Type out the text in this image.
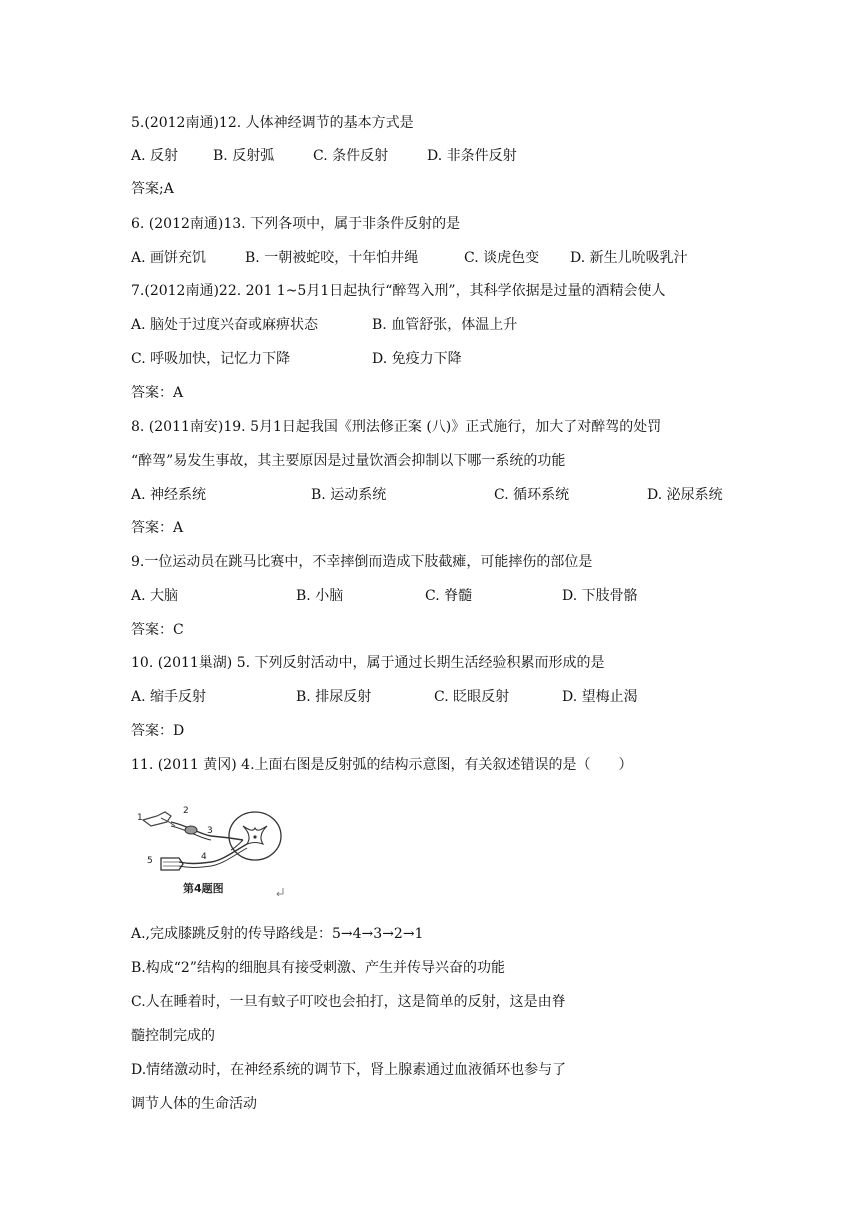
5.(2012南通)12. 人体神经调节的基本方式是
A. 反射 B. 反射弧	C. 条件反射	D. 非条件反射
答案;A
6. (2012南通)13. 下列各项中，属于非条件反射的是
A. 画饼充饥	B. 一朝被蛇咬，十年怕井绳	C. 谈虎色变 D. 新生儿吮吸乳汁
7.(2012南通)22. 201 1~5月1日起执行“醉驾入刑”，其科学依据是过量的酒精会使人
A. 脑处于过度兴奋或麻痹状态	B. 血管舒张，体温上升
C. 呼吸加快，记忆力下降	D. 免疫力下降
答案：A
8. (2011南安)19. 5月1日起我国《刑法修正案 (八)》正式施行，加大了对醉驾的处罚
“醉驾”易发生事故，其主要原因是过量饮酒会抑制以下哪一系统的功能
A. 神经系统	B. 运动系统	C. 循环系统	D. 泌尿系统
答案：A
9.一位运动员在跳马比赛中，不幸摔倒而造成下肢截瘫，可能摔伤的部位是
A. 大脑	B. 小脑	C. 脊髓	D. 下肢骨骼
答案：C
10. (2011巢湖) 5. 下列反射活动中，属于通过长期生活经验积累而形成的是
A. 缩手反射	B. 排尿反射	C. 眨眼反射	D. 望梅止渴
答案：D
11. (2011 黄冈) 4.上面右图是反射弧的结构示意图，有关叙述错误的是（　　）
1
2
3
4
5
第4题图
A.,完成膝跳反射的传导路线是：5→4→3→2→1
B.构成“2”结构的细胞具有接受刺激、产生并传导兴奋的功能
C.人在睡着时，一旦有蚊子叮咬也会拍打，这是简单的反射，这是由脊
髓控制完成的
D.情绪激动时，在神经系统的调节下，肾上腺素通过血液循环也参与了
调节人体的生命活动
